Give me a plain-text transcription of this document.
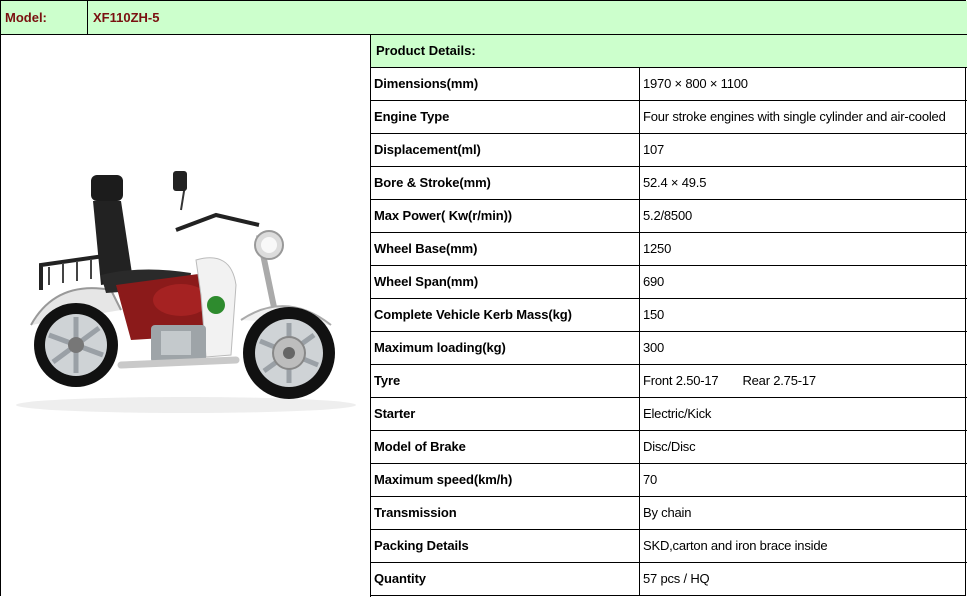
Model:	XF110ZH-5
Product Details:
Dimensions(mm)	1970 × 800 × 1100
Engine Type	Four stroke engines with single cylinder and air-cooled
Displacement(ml)	107
Bore & Stroke(mm)	52.4 × 49.5
Max Power( Kw(r/min))	5.2/8500
Wheel Base(mm)	1250
Wheel Span(mm)	690
Complete Vehicle Kerb Mass(kg)	150
Maximum loading(kg)	300
Tyre	Front 2.50-17 Rear 2.75-17
Starter	Electric/Kick
Model of Brake	Disc/Disc
Maximum speed(km/h)	70
Transmission	By chain
Packing Details	SKD,carton and iron brace inside
Quantity	57 pcs / HQ
